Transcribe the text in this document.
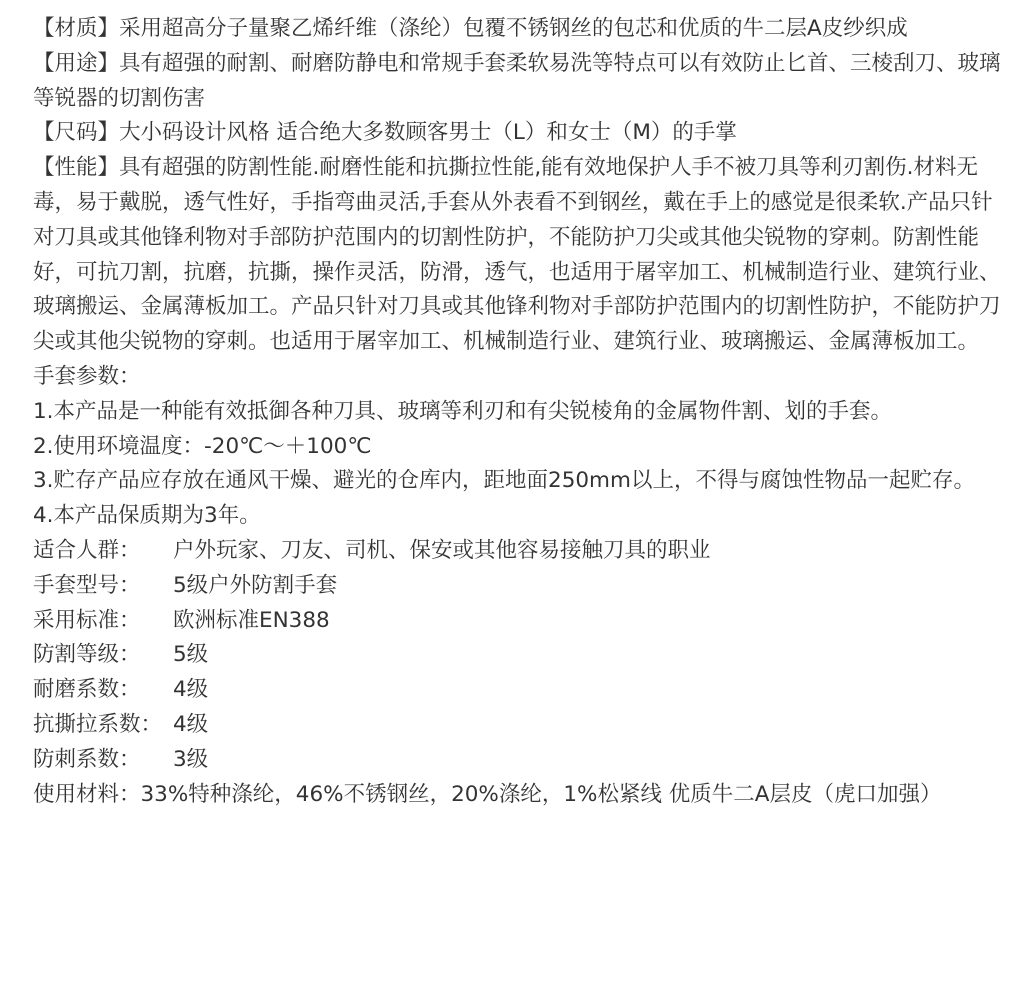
【材质】采用超高分子量聚乙烯纤维（涤纶）包覆不锈钢丝的包芯和优质的牛二层A皮纱织成

【用途】具有超强的耐割、耐磨防静电和常规手套柔软易洗等特点可以有效防止匕首、三棱刮刀、玻璃等锐器的切割伤害

【尺码】大小码设计风格 适合绝大多数顾客男士（L）和女士（M）的手掌

【性能】具有超强的防割性能.耐磨性能和抗撕拉性能,能有效地保护人手不被刀具等利刃割伤.材料无毒，易于戴脱，透气性好，手指弯曲灵活,手套从外表看不到钢丝，戴在手上的感觉是很柔软.产品只针对刀具或其他锋利物对手部防护范围内的切割性防护，不能防护刀尖或其他尖锐物的穿刺。防割性能好，可抗刀割，抗磨，抗撕，操作灵活，防滑，透气，也适用于屠宰加工、机械制造行业、建筑行业、玻璃搬运、金属薄板加工。产品只针对刀具或其他锋利物对手部防护范围内的切割性防护，不能防护刀尖或其他尖锐物的穿刺。也适用于屠宰加工、机械制造行业、建筑行业、玻璃搬运、金属薄板加工。

手套参数：

1.本产品是一种能有效抵御各种刀具、玻璃等利刃和有尖锐棱角的金属物件割、划的手套。

2.使用环境温度：-20℃～＋100℃

3.贮存产品应存放在通风干燥、避光的仓库内，距地面250mm以上，不得与腐蚀性物品一起贮存。

4.本产品保质期为3年。

适合人群：	户外玩家、刀友、司机、保安或其他容易接触刀具的职业
手套型号：	5级户外防割手套
采用标准：	欧洲标准EN388
防割等级：	5级
耐磨系数：	4级
抗撕拉系数： 4级
防刺系数：	3级

使用材料：33%特种涤纶，46%不锈钢丝，20%涤纶，1%松紧线 优质牛二A层皮（虎口加强）
